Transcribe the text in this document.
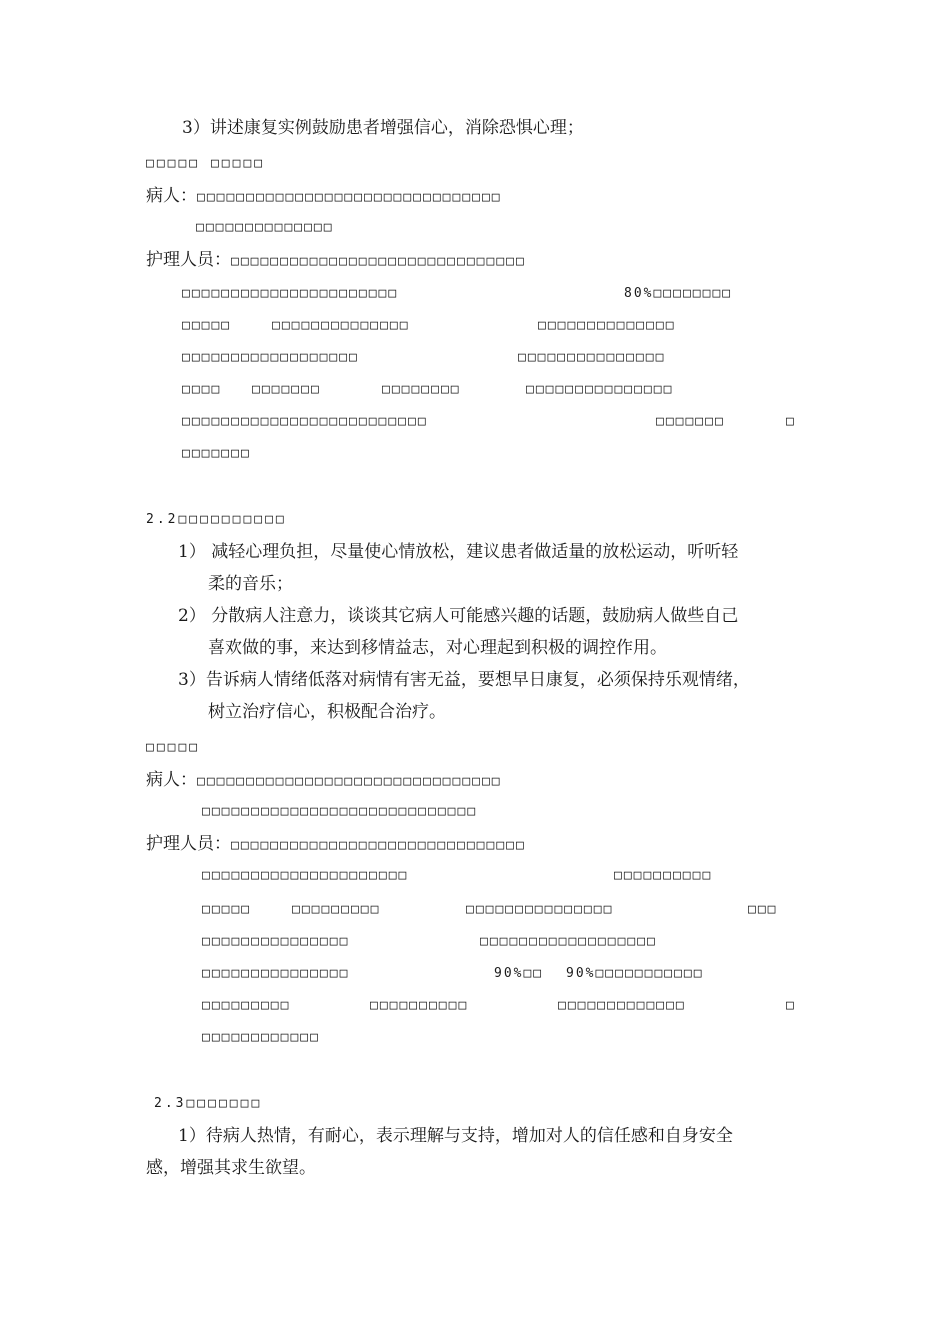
3）讲述康复实例鼓励患者增强信心，消除恐惧心理；
□□□□□ □□□□□
病人：□□□□□□□□□□□□□□□□□□□□□□□□□□□□□□□
□□□□□□□□□□□□□□
护理人员：□□□□□□□□□□□□□□□□□□□□□□□□□□□□□□
□□□□□□□□□□□□□□□□□□□□□□	80%□□□□□□□□
□□□□□	□□□□□□□□□□□□□□	□□□□□□□□□□□□□□
□□□□□□□□□□□□□□□□□□	□□□□□□□□□□□□□□□
□□□□ □□□□□□□	□□□□□□□□	□□□□□□□□□□□□□□□
□□□□□□□□□□□□□□□□□□□□□□□□□	□□□□□□□	□
□□□□□□□
2.2□□□□□□□□□□
1） 减轻心理负担，尽量使心情放松，建议患者做适量的放松运动，听听轻
柔的音乐；
2） 分散病人注意力，谈谈其它病人可能感兴趣的话题，鼓励病人做些自己
喜欢做的事，来达到移情益志，对心理起到积极的调控作用。
3）告诉病人情绪低落对病情有害无益，要想早日康复，必须保持乐观情绪，
树立治疗信心，积极配合治疗。
□□□□□
病人：□□□□□□□□□□□□□□□□□□□□□□□□□□□□□□□
□□□□□□□□□□□□□□□□□□□□□□□□□□□□
护理人员：□□□□□□□□□□□□□□□□□□□□□□□□□□□□□□
□□□□□□□□□□□□□□□□□□□□□	□□□□□□□□□□
□□□□□	□□□□□□□□□	□□□□□□□□□□□□□□□	□□□
□□□□□□□□□□□□□□□	□□□□□□□□□□□□□□□□□□
□□□□□□□□□□□□□□□	90%□□ 90%□□□□□□□□□□□
□□□□□□□□□	□□□□□□□□□□	□□□□□□□□□□□□□	□
□□□□□□□□□□□□
2.3□□□□□□□
1）待病人热情，有耐心，表示理解与支持，增加对人的信任感和自身安全
感，增强其求生欲望。
